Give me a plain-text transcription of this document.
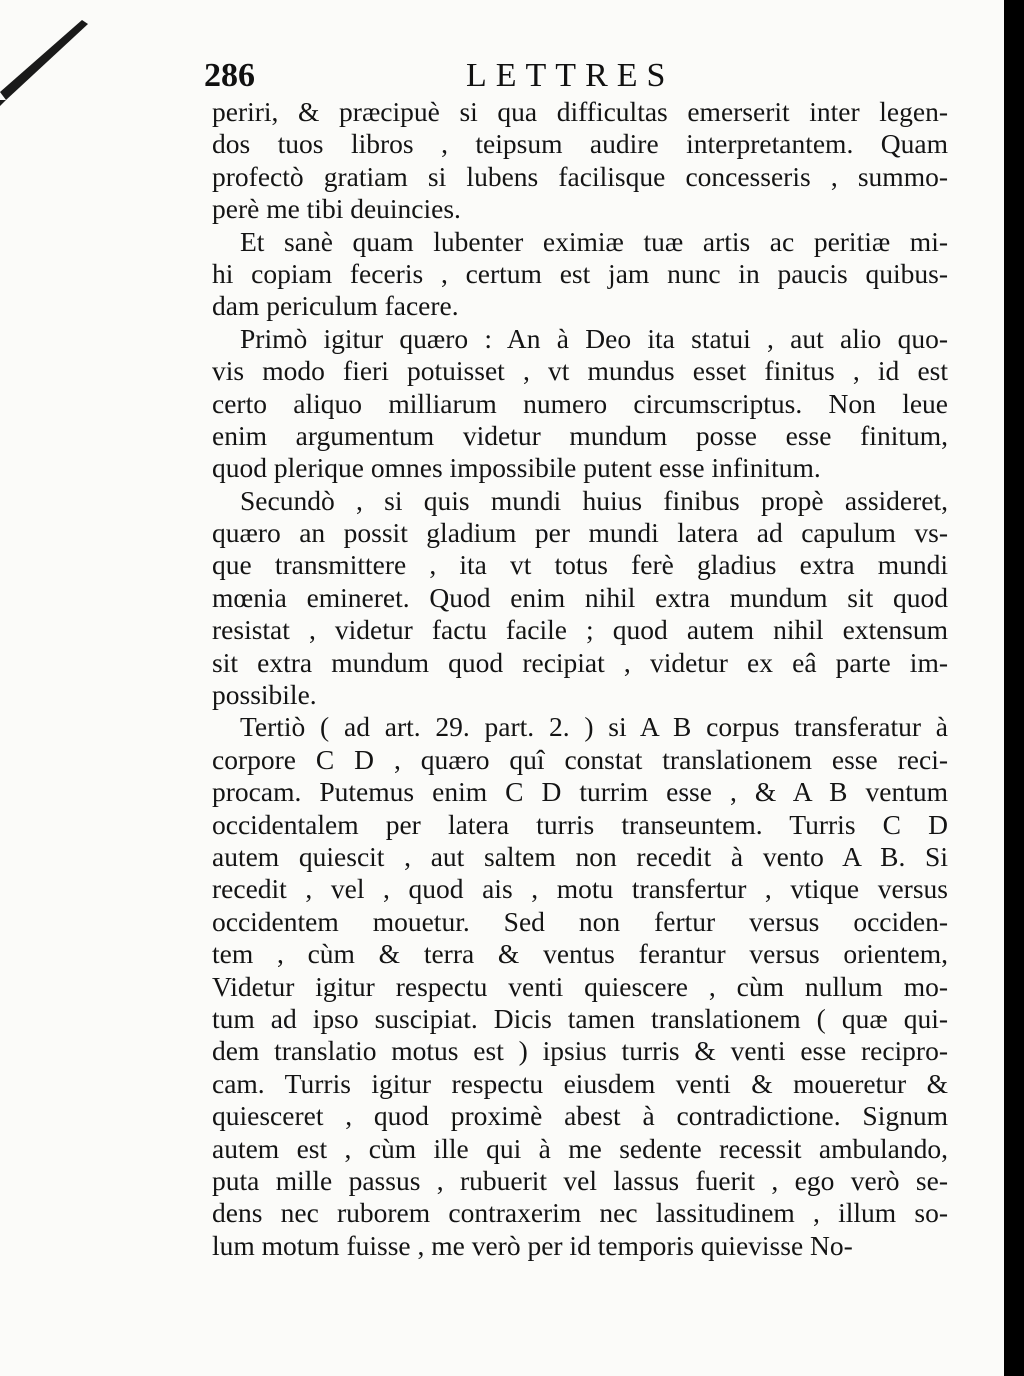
286	LETTRES
periri, & præcipuè si qua difficultas emerserit inter legen-
dos tuos libros , teipsum audire interpretantem. Quam
profectò gratiam si lubens facilisque concesseris , summo-
perè me tibi deuincies.
Et sanè quam lubenter eximiæ tuæ artis ac peritiæ mi-
hi copiam feceris , certum est jam nunc in paucis quibus-
dam periculum facere.
Primò igitur quæro : An à Deo ita statui , aut alio quo-
vis modo fieri potuisset , vt mundus esset finitus , id est
certo aliquo milliarum numero circumscriptus. Non leue
enim argumentum videtur mundum posse esse finitum,
quod plerique omnes impossibile putent esse infinitum.
Secundò , si quis mundi huius finibus propè assideret,
quæro an possit gladium per mundi latera ad capulum vs-
que transmittere , ita vt totus ferè gladius extra mundi
mœnia emineret. Quod enim nihil extra mundum sit quod
resistat , videtur factu facile ; quod autem nihil extensum
sit extra mundum quod recipiat , videtur ex eâ parte im-
possibile.
Tertiò ( ad art. 29. part. 2. ) si A B corpus transferatur à
corpore C D , quæro quî constat translationem esse reci-
procam. Putemus enim C D turrim esse , & A B ventum
occidentalem per latera turris transeuntem. Turris C D
autem quiescit , aut saltem non recedit à vento A B. Si
recedit , vel , quod ais , motu transfertur , vtique versus
occidentem mouetur. Sed non fertur versus occiden-
tem , cùm & terra & ventus ferantur versus orientem,
Videtur igitur respectu venti quiescere , cùm nullum mo-
tum ad ipso suscipiat. Dicis tamen translationem ( quæ qui-
dem translatio motus est ) ipsius turris & venti esse recipro-
cam. Turris igitur respectu eiusdem venti & moueretur &
quiesceret , quod proximè abest à contradictione. Signum
autem est , cùm ille qui à me sedente recessit ambulando,
puta mille passus , rubuerit vel lassus fuerit , ego verò se-
dens nec ruborem contraxerim nec lassitudinem , illum so-
lum motum fuisse , me verò per id temporis quievisse No-
